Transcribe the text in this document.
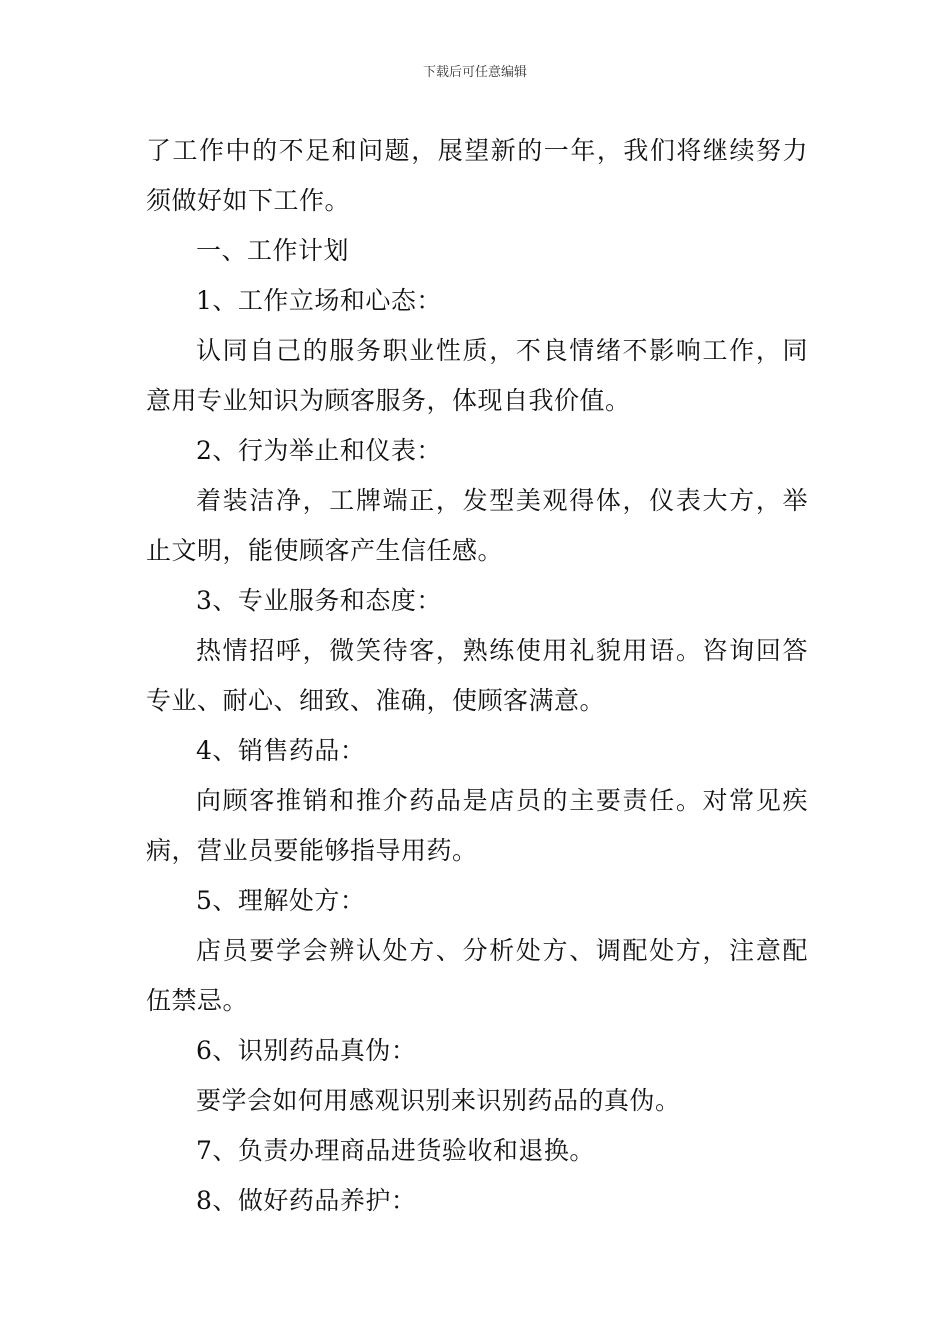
下载后可任意编辑
了工作中的不足和问题，展望新的一年，我们将继续努力
须做好如下工作。
一、工作计划
1、工作立场和心态：
认同自己的服务职业性质，不良情绪不影响工作，同
意用专业知识为顾客服务，体现自我价值。
2、行为举止和仪表：
着装洁净，工牌端正，发型美观得体，仪表大方，举
止文明，能使顾客产生信任感。
3、专业服务和态度：
热情招呼，微笑待客，熟练使用礼貌用语。咨询回答
专业、耐心、细致、准确，使顾客满意。
4、销售药品：
向顾客推销和推介药品是店员的主要责任。对常见疾
病，营业员要能够指导用药。
5、理解处方：
店员要学会辨认处方、分析处方、调配处方，注意配
伍禁忌。
6、识别药品真伪：
要学会如何用感观识别来识别药品的真伪。
7、负责办理商品进货验收和退换。
8、做好药品养护：
